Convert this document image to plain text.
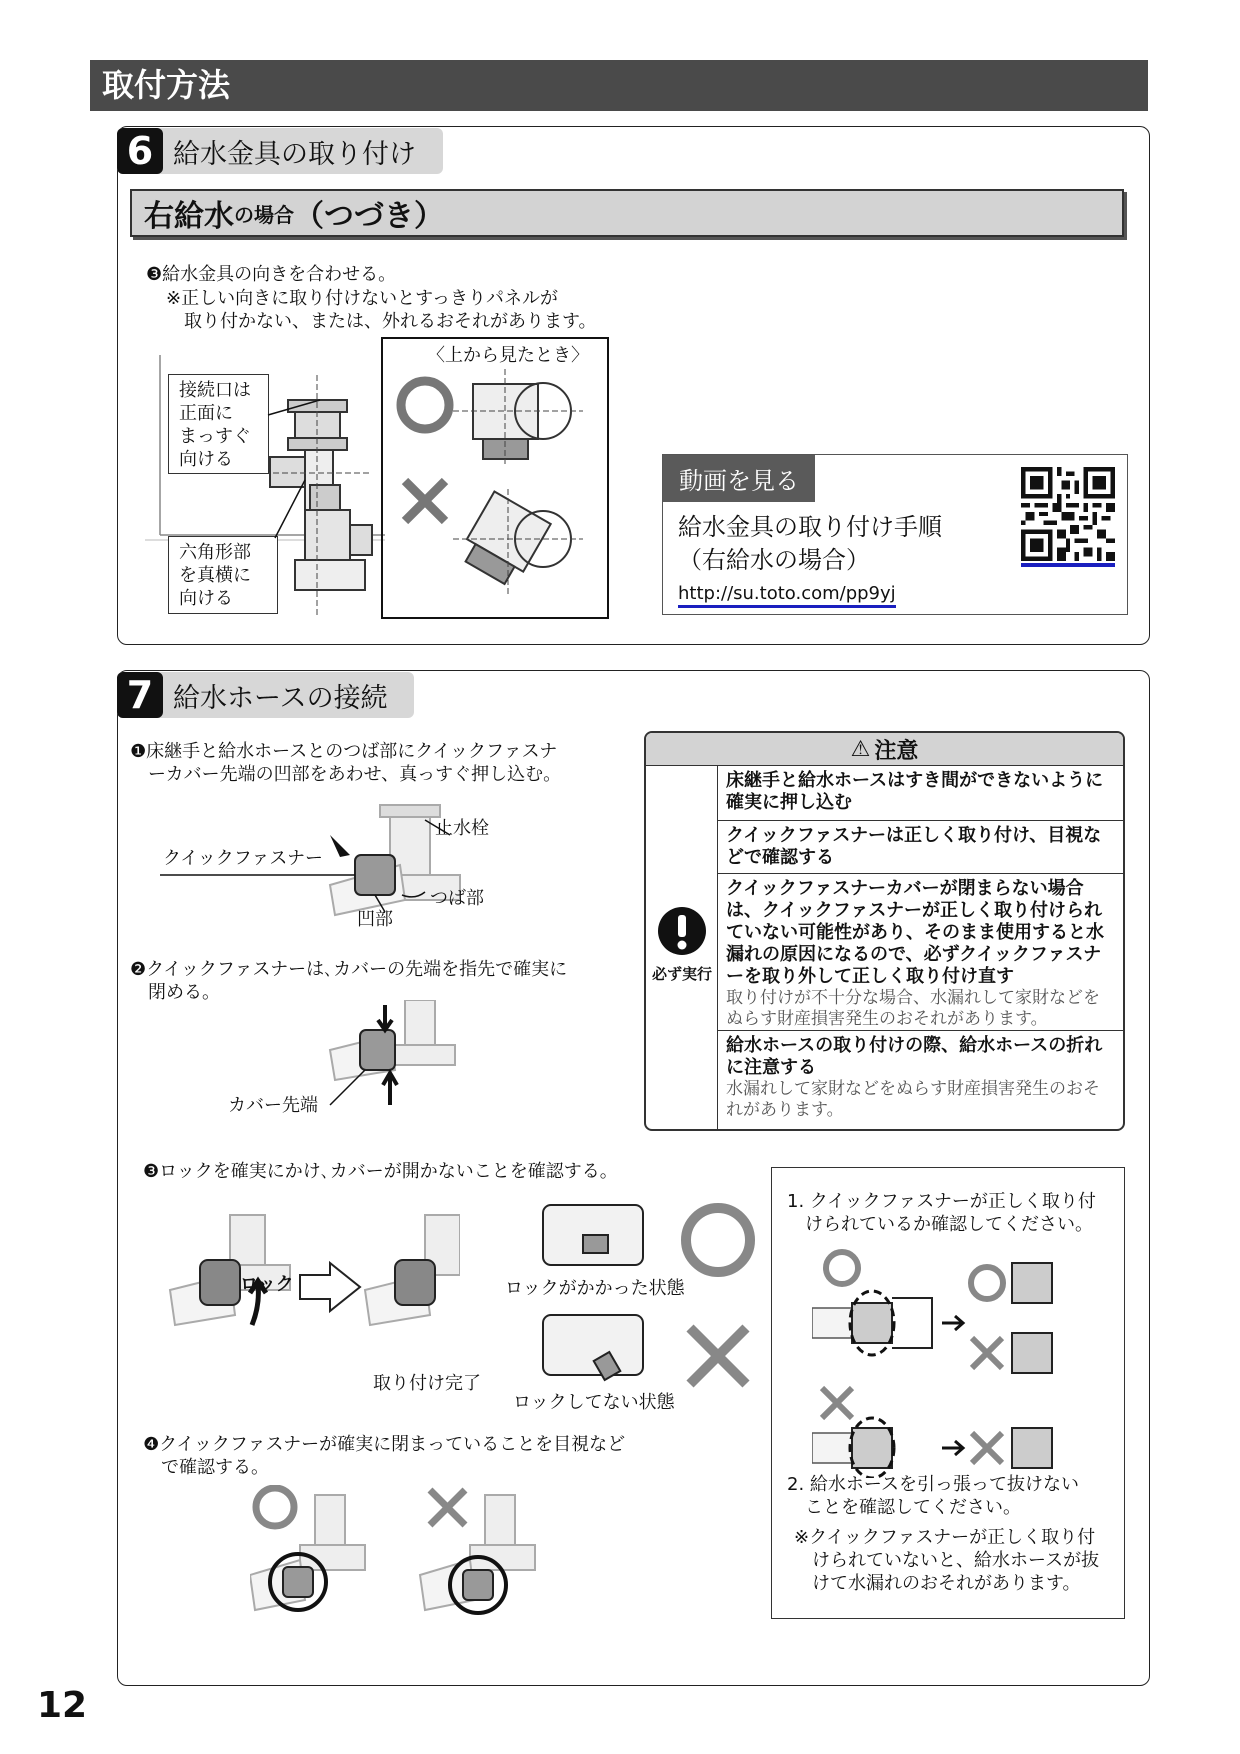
取付方法
6 給水金具の取り付け
右給水 の場合 （つづき）
❸給水金具の向きを合わせる。
※正しい向きに取り付けないとすっきりパネルが
　取り付かない、または、外れるおそれがあります。
接続口は
正面に
まっすぐ
向ける
六角形部
を真横に
向ける
〈上から見たとき〉
動画を見る
給水金具の取り付け手順
（右給水の場合）
http://su.toto.com/pp9yj
7 給水ホースの接続
❶床継手と給水ホースとのつば部にクイックファスナ
　ーカバー先端の凹部をあわせ、真っすぐ押し込む。
止水栓
クイックファスナー
つば部
凹部
❷クイックファスナーは､カバーの先端を指先で確実に
　閉める。
カバー先端
⚠ 注意
必ず実行
床継手と給水ホースはすき間ができないように確実に押し込む
クイックファスナーは正しく取り付け、目視などで確認する
クイックファスナーカバーが閉まらない場合は、クイックファスナーが正しく取り付けられていない可能性があり、そのまま使用すると水漏れの原因になるので、必ずクイックファスナーを取り外して正しく取り付け直す
取り付けが不十分な場合、水漏れして家財などをぬらす財産損害発生のおそれがあります。
給水ホースの取り付けの際、給水ホースの折れに注意する
水漏れして家財などをぬらす財産損害発生のおそれがあります。
❸ロックを確実にかけ､カバーが開かないことを確認する。
ロック
取り付け完了
ロックがかかった状態
ロックしてない状態
❹クイックファスナーが確実に閉まっていることを目視など
　で確認する。
1. クイックファスナーが正しく取り付
　けられているか確認してください。
2. 給水ホースを引っ張って抜けない
　ことを確認してください。
※クイックファスナーが正しく取り付
　けられていないと、給水ホースが抜
　けて水漏れのおそれがあります。
12
